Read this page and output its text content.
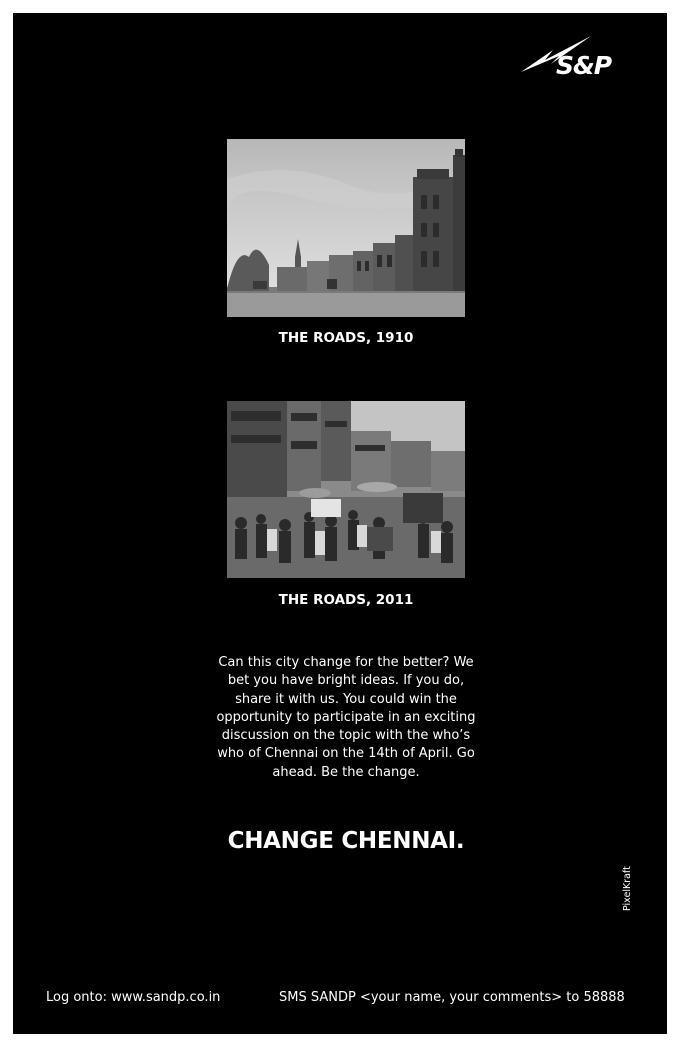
S&P
THE ROADS, 1910
THE ROADS, 2011
Can this city change for the better? We bet you have bright ideas. If you do, share it with us. You could win the opportunity to participate in an exciting discussion on the topic with the who’s who of Chennai on the 14th of April. Go ahead. Be the change.
CHANGE CHENNAI.
PixelKraft
Log onto: www.sandp.co.in	SMS SANDP <your name, your comments> to 58888
